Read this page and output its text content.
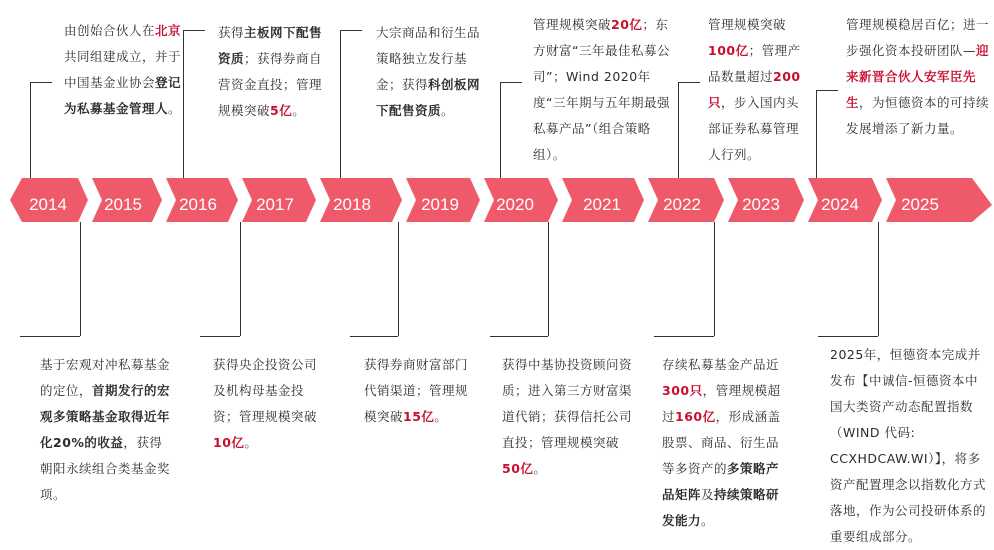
2014	2015	2016	2017	2018	2019	2020	2021	2022	2023	2024	2025
由创始合伙人在北京共同组建成立，并于中国基金业协会登记为私募基金管理人。
获得主板网下配售资质；获得券商自营资金直投；管理规模突破5亿。
大宗商品和衍生品策略独立发行基金；获得科创板网下配售资质。
管理规模突破20亿；东方财富“三年最佳私募公司”；Wind 2020年度“三年期与五年期最强私募产品”（组合策略组）。
管理规模突破100亿；管理产品数量超过200只，步入国内头部证券私募管理人行列。
管理规模稳居百亿；进一步强化资本投研团队—迎来新晋合伙人安军臣先生，为恒德资本的可持续发展增添了新力量。
基于宏观对冲私募基金的定位，首期发行的宏观多策略基金取得近年化20%的收益，获得朝阳永续组合类基金奖项。
获得央企投资公司及机构母基金投资；管理规模突破10亿。
获得券商财富部门代销渠道；管理规模突破15亿。
获得中基协投资顾问资质；进入第三方财富渠道代销；获得信托公司直投；管理规模突破50亿。
存续私募基金产品近300只，管理规模超过160亿，形成涵盖股票、商品、衍生品等多资产的多策略产品矩阵及持续策略研发能力。
2025年，恒德资本完成并发布【中诚信-恒德资本中国大类资产动态配置指数（WIND 代码: CCXHDCAW.WI）】，将多资产配置理念以指数化方式落地，作为公司投研体系的重要组成部分。
